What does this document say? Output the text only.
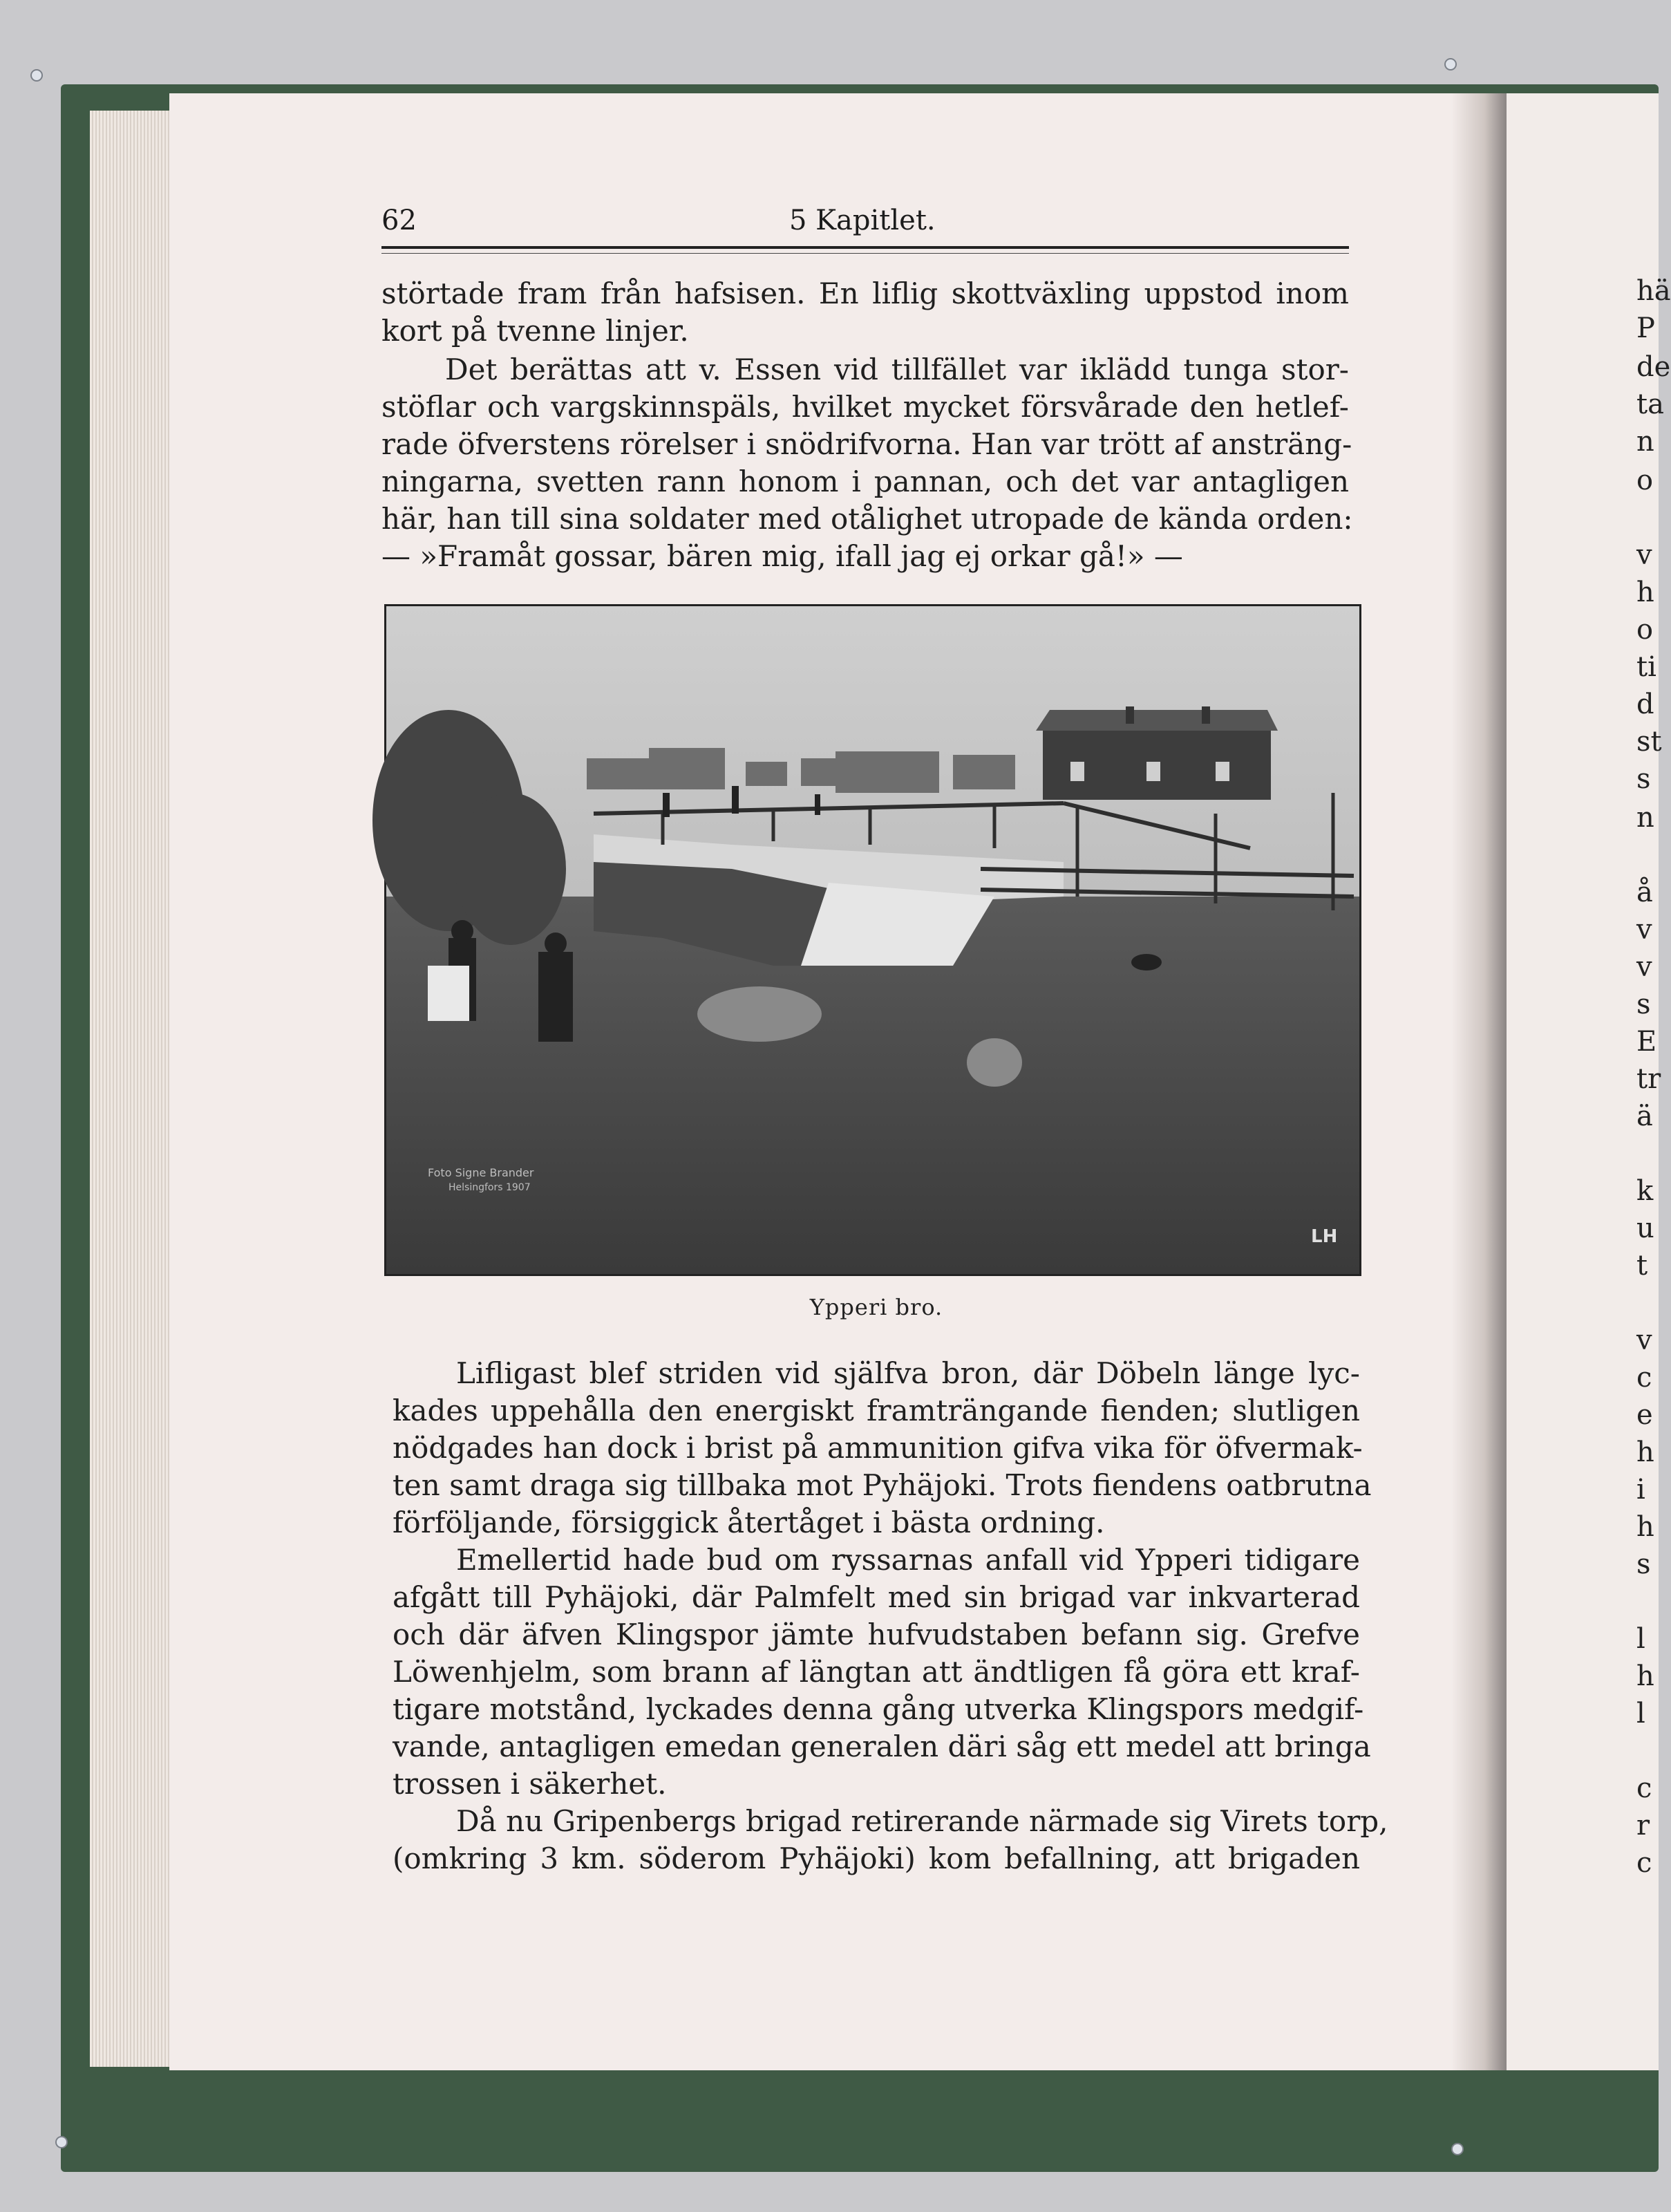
hä
P
de
ta
n
o
v
h
o
ti
d
st
s
n
å
v
v
s
E
tr
ä
k
u
t
v
c
e
h
i
h
s
l
h
l
c
r
c
62	5 Kapitlet.
störtade fram från hafsisen. En liflig skottväxling uppstod inom
kort på tvenne linjer.
Det berättas att v. Essen vid tillfället var iklädd tunga stor-
stöflar och vargskinnspäls, hvilket mycket försvårade den hetlef-
rade öfverstens rörelser i snödrifvorna. Han var trött af ansträng-
ningarna, svetten rann honom i pannan, och det var antagligen
här, han till sina soldater med otålighet utropade de kända orden:
— »Framåt gossar, bären mig, ifall jag ej orkar gå!» —
Foto Signe Brander
Helsingfors 1907
LH
Ypperi bro.
Lifligast blef striden vid själfva bron, där Döbeln länge lyc-
kades uppehålla den energiskt framträngande fienden; slutligen
nödgades han dock i brist på ammunition gifva vika för öfvermak-
ten samt draga sig tillbaka mot Pyhäjoki. Trots fiendens oatbrutna
förföljande, försiggick återtåget i bästa ordning.
Emellertid hade bud om ryssarnas anfall vid Ypperi tidigare
afgått till Pyhäjoki, där Palmfelt med sin brigad var inkvarterad
och där äfven Klingspor jämte hufvudstaben befann sig. Grefve
Löwenhjelm, som brann af längtan att ändtligen få göra ett kraf-
tigare motstånd, lyckades denna gång utverka Klingspors medgif-
vande, antagligen emedan generalen däri såg ett medel att bringa
trossen i säkerhet.
Då nu Gripenbergs brigad retirerande närmade sig Virets torp,
(omkring 3 km. söderom Pyhäjoki) kom befallning, att brigaden
